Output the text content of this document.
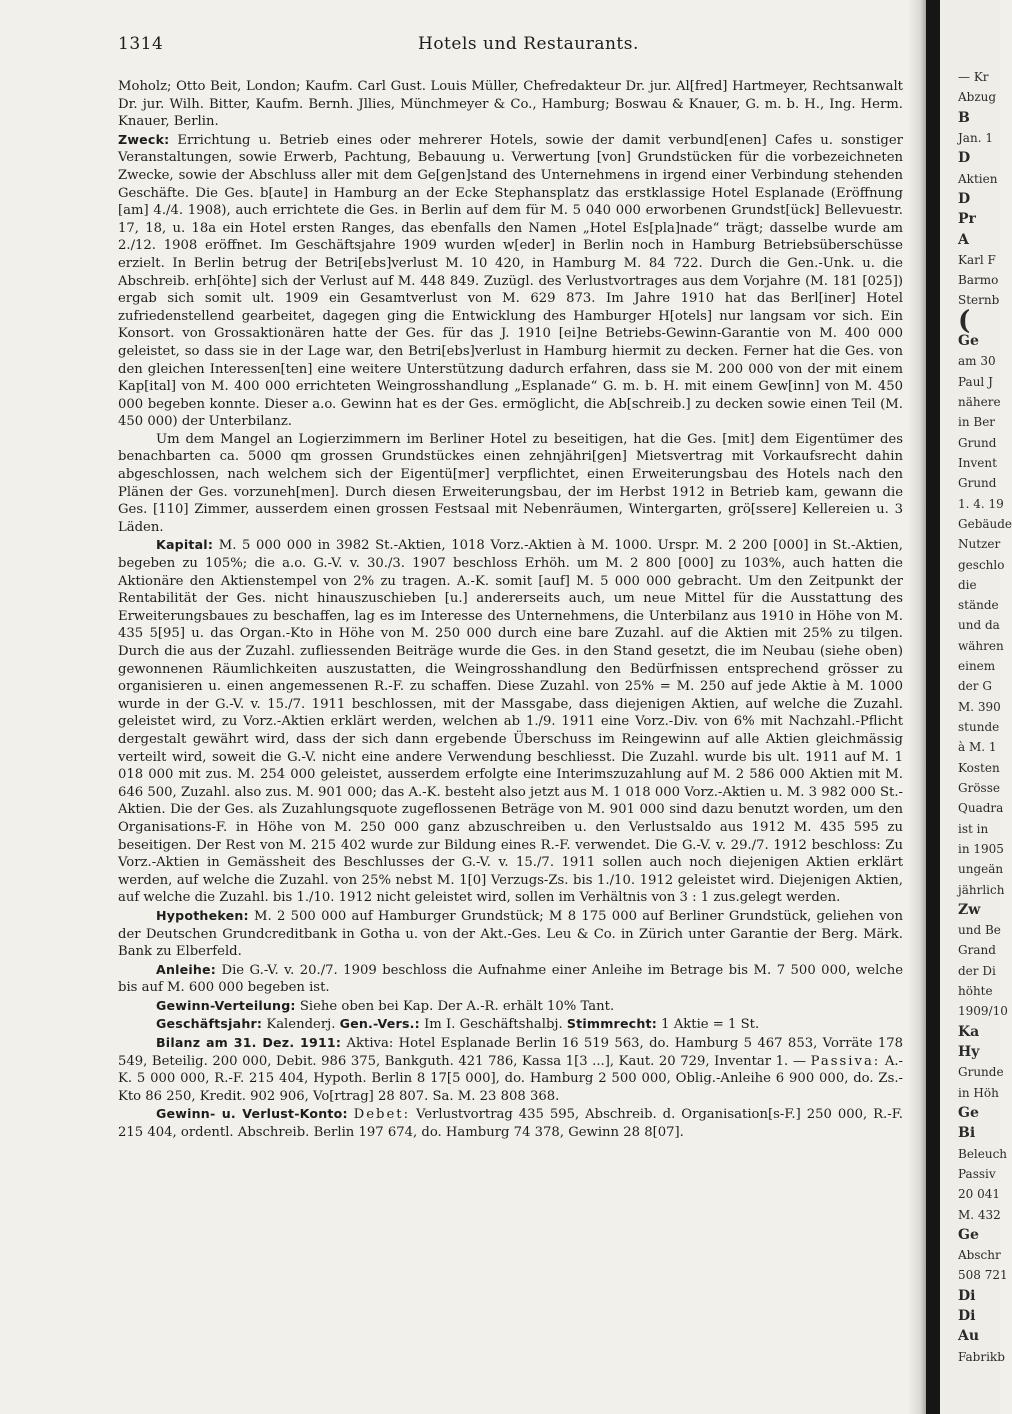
1314	Hotels und Restaurants.

Moholz; Otto Beit, London; Kaufm. Carl Gust. Louis Müller, Chefredakteur Dr. jur. Al[fred] Hartmeyer, Rechtsanwalt Dr. jur. Wilh. Bitter, Kaufm. Bernh. Jllies, Münchmeyer & Co., Hamburg; Boswau & Knauer, G. m. b. H., Ing. Herm. Knauer, Berlin.

Zweck: Errichtung u. Betrieb eines oder mehrerer Hotels, sowie der damit verbund[enen] Cafes u. sonstiger Veranstaltungen, sowie Erwerb, Pachtung, Bebauung u. Verwertung [von] Grundstücken für die vorbezeichneten Zwecke, sowie der Abschluss aller mit dem Ge[gen]stand des Unternehmens in irgend einer Verbindung stehenden Geschäfte. Die Ges. b[aute] in Hamburg an der Ecke Stephansplatz das erstklassige Hotel Esplanade (Eröffnung [am] 4./4. 1908), auch errichtete die Ges. in Berlin auf dem für M. 5 040 000 erworbenen Grundst[ück] Bellevuestr. 17, 18, u. 18a ein Hotel ersten Ranges, das ebenfalls den Namen „Hotel Es[pla]nade“ trägt; dasselbe wurde am 2./12. 1908 eröffnet. Im Geschäftsjahre 1909 wurden w[eder] in Berlin noch in Hamburg Betriebsüberschüsse erzielt. In Berlin betrug der Betri[ebs]verlust M. 10 420, in Hamburg M. 84 722. Durch die Gen.-Unk. u. die Abschreib. erh[öhte] sich der Verlust auf M. 448 849. Zuzügl. des Verlustvortrages aus dem Vorjahre (M. 181 [025]) ergab sich somit ult. 1909 ein Gesamtverlust von M. 629 873. Im Jahre 1910 hat das Berl[iner] Hotel zufriedenstellend gearbeitet, dagegen ging die Entwicklung des Hamburger H[otels] nur langsam vor sich. Ein Konsort. von Grossaktionären hatte der Ges. für das J. 1910 [ei]ne Betriebs-Gewinn-Garantie von M. 400 000 geleistet, so dass sie in der Lage war, den Betri[ebs]verlust in Hamburg hiermit zu decken. Ferner hat die Ges. von den gleichen Interessen[ten] eine weitere Unterstützung dadurch erfahren, dass sie M. 200 000 von der mit einem Kap[ital] von M. 400 000 errichteten Weingrosshandlung „Esplanade“ G. m. b. H. mit einem Gew[inn] von M. 450 000 begeben konnte. Dieser a.o. Gewinn hat es der Ges. ermöglicht, die Ab[schreib.] zu decken sowie einen Teil (M. 450 000) der Unterbilanz.

Um dem Mangel an Logierzimmern im Berliner Hotel zu beseitigen, hat die Ges. [mit] dem Eigentümer des benachbarten ca. 5000 qm grossen Grundstückes einen zehnjähri[gen] Mietsvertrag mit Vorkaufsrecht dahin abgeschlossen, nach welchem sich der Eigentü[mer] verpflichtet, einen Erweiterungsbau des Hotels nach den Plänen der Ges. vorzuneh[men]. Durch diesen Erweiterungsbau, der im Herbst 1912 in Betrieb kam, gewann die Ges. [110] Zimmer, ausserdem einen grossen Festsaal mit Nebenräumen, Wintergarten, grö[ssere] Kellereien u. 3 Läden.

Kapital: M. 5 000 000 in 3982 St.-Aktien, 1018 Vorz.-Aktien à M. 1000. Urspr. M. 2 200 [000] in St.-Aktien, begeben zu 105%; die a.o. G.-V. v. 30./3. 1907 beschloss Erhöh. um M. 2 800 [000] zu 103%, auch hatten die Aktionäre den Aktienstempel von 2% zu tragen. A.-K. somit [auf] M. 5 000 000 gebracht. Um den Zeitpunkt der Rentabilität der Ges. nicht hinauszuschieben [u.] andererseits auch, um neue Mittel für die Ausstattung des Erweiterungsbaues zu beschaffen, lag es im Interesse des Unternehmens, die Unterbilanz aus 1910 in Höhe von M. 435 5[95] u. das Organ.-Kto in Höhe von M. 250 000 durch eine bare Zuzahl. auf die Aktien mit 25% zu tilgen. Durch die aus der Zuzahl. zufliessenden Beiträge wurde die Ges. in den Stand gesetzt, die im Neubau (siehe oben) gewonnenen Räumlichkeiten auszustatten, die Weingrosshandlung den Bedürfnissen entsprechend grösser zu organisieren u. einen angemessenen R.-F. zu schaffen. Diese Zuzahl. von 25% = M. 250 auf jede Aktie à M. 1000 wurde in der G.-V. v. 15./7. 1911 beschlossen, mit der Massgabe, dass diejenigen Aktien, auf welche die Zuzahl. geleistet wird, zu Vorz.-Aktien erklärt werden, welchen ab 1./9. 1911 eine Vorz.-Div. von 6% mit Nachzahl.-Pflicht dergestalt gewährt wird, dass der sich dann ergebende Überschuss im Reingewinn auf alle Aktien gleichmässig verteilt wird, soweit die G.-V. nicht eine andere Verwendung beschliesst. Die Zuzahl. wurde bis ult. 1911 auf M. 1 018 000 mit zus. M. 254 000 geleistet, ausserdem erfolgte eine Interimszuzahlung auf M. 2 586 000 Aktien mit M. 646 500, Zuzahl. also zus. M. 901 000; das A.-K. besteht also jetzt aus M. 1 018 000 Vorz.-Aktien u. M. 3 982 000 St.-Aktien. Die der Ges. als Zuzahlungsquote zugeflossenen Beträge von M. 901 000 sind dazu benutzt worden, um den Organisations-F. in Höhe von M. 250 000 ganz abzuschreiben u. den Verlustsaldo aus 1912 M. 435 595 zu beseitigen. Der Rest von M. 215 402 wurde zur Bildung eines R.-F. verwendet. Die G.-V. v. 29./7. 1912 beschloss: Zu Vorz.-Aktien in Gemässheit des Beschlusses der G.-V. v. 15./7. 1911 sollen auch noch diejenigen Aktien erklärt werden, auf welche die Zuzahl. von 25% nebst M. 1[0] Verzugs-Zs. bis 1./10. 1912 geleistet wird. Diejenigen Aktien, auf welche die Zuzahl. bis 1./10. 1912 nicht geleistet wird, sollen im Verhältnis von 3 : 1 zus.gelegt werden.

Hypotheken: M. 2 500 000 auf Hamburger Grundstück; M 8 175 000 auf Berliner Grundstück, geliehen von der Deutschen Grundcreditbank in Gotha u. von der Akt.-Ges. Leu & Co. in Zürich unter Garantie der Berg. Märk. Bank zu Elberfeld.

Anleihe: Die G.-V. v. 20./7. 1909 beschloss die Aufnahme einer Anleihe im Betrage bis M. 7 500 000, welche bis auf M. 600 000 begeben ist.

Gewinn-Verteilung: Siehe oben bei Kap. Der A.-R. erhält 10% Tant.

Geschäftsjahr: Kalenderj. Gen.-Vers.: Im I. Geschäftshalbj. Stimmrecht: 1 Aktie = 1 St.

Bilanz am 31. Dez. 1911: Aktiva: Hotel Esplanade Berlin 16 519 563, do. Hamburg 5 467 853, Vorräte 178 549, Beteilig. 200 000, Debit. 986 375, Bankguth. 421 786, Kassa 1[3 ...], Kaut. 20 729, Inventar 1. — Passiva: A.-K. 5 000 000, R.-F. 215 404, Hypoth. Berlin 8 17[5 000], do. Hamburg 2 500 000, Oblig.-Anleihe 6 900 000, do. Zs.-Kto 86 250, Kredit. 902 906, Vo[rtrag] 28 807. Sa. M. 23 808 368.

Gewinn- u. Verlust-Konto: Debet: Verlustvortrag 435 595, Abschreib. d. Organisation[s-F.] 250 000, R.-F. 215 404, ordentl. Abschreib. Berlin 197 674, do. Hamburg 74 378, Gewinn 28 8[07].

— Kr
Abzug
B
Jan. 1
D
Aktien
D
Pr
A
Karl F
Barmo
Sternb
(
Ge
am 30
Paul J
nähere
in Ber
Grund
Invent
Grund
1. 4. 19
Gebäude
Nutzer
geschlo
die
stände
und da
währen
einem
der G
M. 390
stunde
à M. 1
Kosten
Grösse
Quadra
ist in
in 1905
ungeän
jährlich
Zw
und Be
Grand
der Di
höhte
1909/10
Ka
Hy
Grunde
in Höh
Ge
Bi
Beleuch
Passiv
20 041
M. 432
Ge
Abschr
508 721
Di
Di
Au
Fabrikb
